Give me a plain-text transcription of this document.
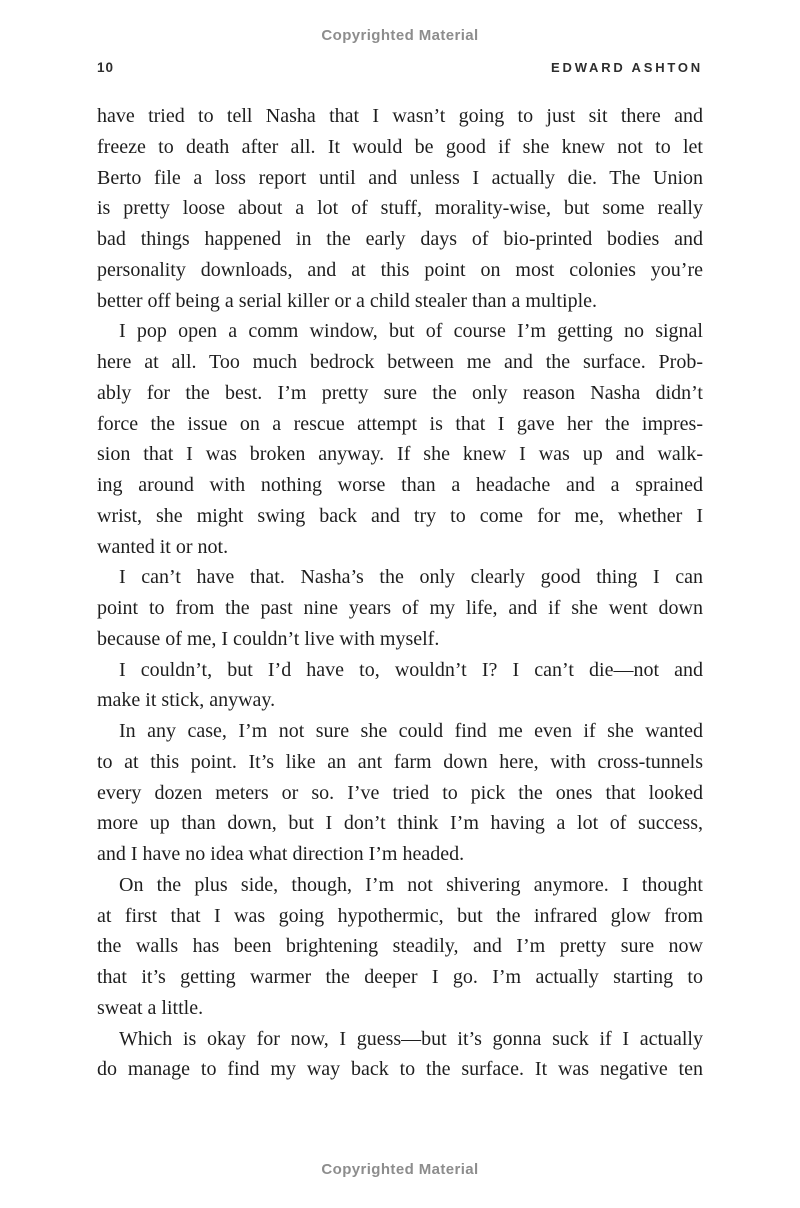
Copyrighted Material
10	EDWARD ASHTON
have tried to tell Nasha that I wasn’t going to just sit there and
freeze to death after all. It would be good if she knew not to let
Berto file a loss report until and unless I actually die. The Union
is pretty loose about a lot of stuff, morality-wise, but some really
bad things happened in the early days of bio-printed bodies and
personality downloads, and at this point on most colonies you’re
better off being a serial killer or a child stealer than a multiple.
I pop open a comm window, but of course I’m getting no signal
here at all. Too much bedrock between me and the surface. Prob-
ably for the best. I’m pretty sure the only reason Nasha didn’t
force the issue on a rescue attempt is that I gave her the impres-
sion that I was broken anyway. If she knew I was up and walk-
ing around with nothing worse than a headache and a sprained
wrist, she might swing back and try to come for me, whether I
wanted it or not.
I can’t have that. Nasha’s the only clearly good thing I can
point to from the past nine years of my life, and if she went down
because of me, I couldn’t live with myself.
I couldn’t, but I’d have to, wouldn’t I? I can’t die—not and
make it stick, anyway.
In any case, I’m not sure she could find me even if she wanted
to at this point. It’s like an ant farm down here, with cross-tunnels
every dozen meters or so. I’ve tried to pick the ones that looked
more up than down, but I don’t think I’m having a lot of success,
and I have no idea what direction I’m headed.
On the plus side, though, I’m not shivering anymore. I thought
at first that I was going hypothermic, but the infrared glow from
the walls has been brightening steadily, and I’m pretty sure now
that it’s getting warmer the deeper I go. I’m actually starting to
sweat a little.
Which is okay for now, I guess—but it’s gonna suck if I actually
do manage to find my way back to the surface. It was negative ten
Copyrighted Material
